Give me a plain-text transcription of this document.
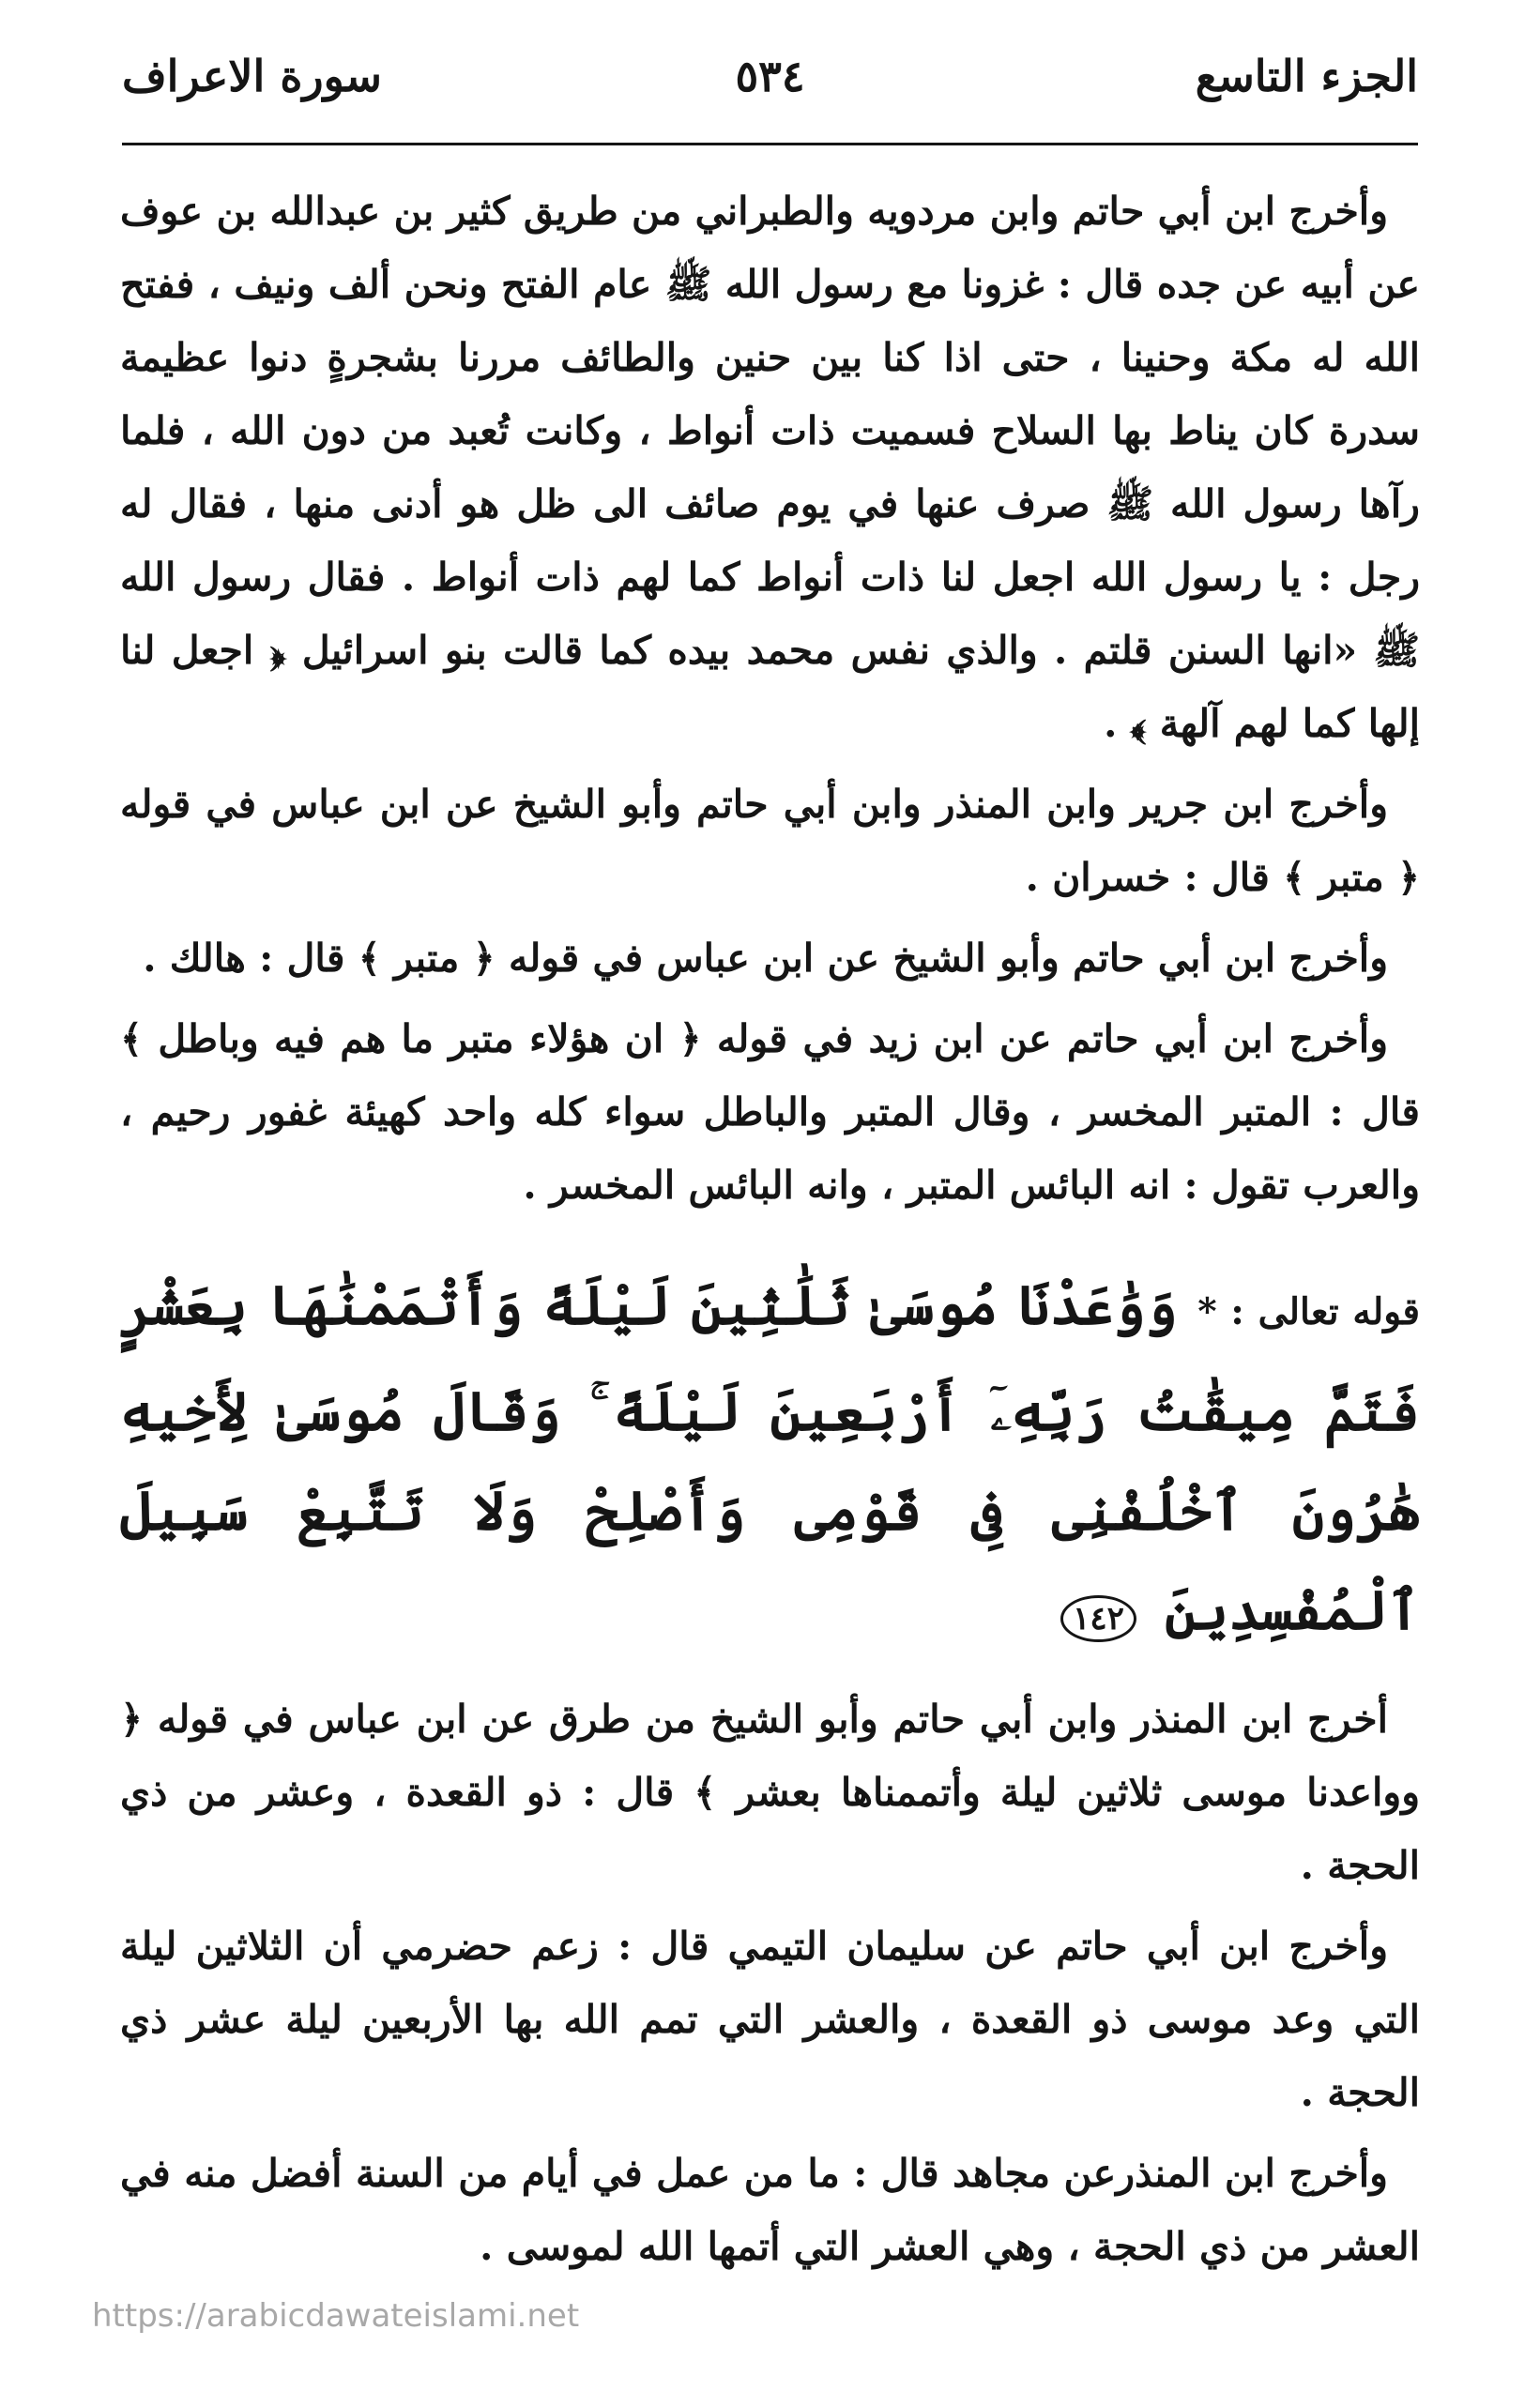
الجزء التاسع
٥٣٤
سورة الاعراف

وأخرج ابن أبي حاتم وابن مردويه والطبراني من طريق كثير بن عبدالله بن عوف عن أبيه عن جده قال : غزونا مع رسول الله ﷺ عام الفتح ونحن ألف ونيف ، ففتح الله له مكة وحنينا ، حتى اذا كنا بين حنين والطائف مررنا بشجرةٍ دنوا عظيمة سدرة كان يناط بها السلاح فسميت ذات أنواط ، وكانت تُعبد من دون الله ، فلما رآها رسول الله ﷺ صرف عنها في يوم صائف الى ظل هو أدنى منها ، فقال له رجل : يا رسول الله اجعل لنا ذات أنواط كما لهم ذات أنواط . فقال رسول الله ﷺ «انها السنن قلتم . والذي نفس محمد بيده كما قالت بنو اسرائيل ﴿ اجعل لنا إلها كما لهم آلهة ﴾ .

وأخرج ابن جرير وابن المنذر وابن أبي حاتم وأبو الشيخ عن ابن عباس في قوله ﴿ متبر ﴾ قال : خسران .

وأخرج ابن أبي حاتم وأبو الشيخ عن ابن عباس في قوله ﴿ متبر ﴾ قال : هالك .

وأخرج ابن أبي حاتم عن ابن زيد في قوله ﴿ ان هؤلاء متبر ما هم فيه وباطل ﴾ قال : المتبر المخسر ، وقال المتبر والباطل سواء كله واحد كهيئة غفور رحيم ، والعرب تقول : انه البائس المتبر ، وانه البائس المخسر .

قوله تعالى : * وَوَٰعَدْنَا مُوسَىٰ ثَلَٰثِينَ لَيْلَةً وَأَتْمَمْنَٰهَا بِعَشْرٍ فَتَمَّ مِيقَٰتُ رَبِّهِۦٓ أَرْبَعِينَ لَيْلَةً ۚ وَقَالَ مُوسَىٰ لِأَخِيهِ هَٰرُونَ ٱخْلُفْنِى فِى قَوْمِى وَأَصْلِحْ وَلَا تَتَّبِعْ سَبِيلَ ٱلْمُفْسِدِينَ ١٤٢

أخرج ابن المنذر وابن أبي حاتم وأبو الشيخ من طرق عن ابن عباس في قوله ﴿ وواعدنا موسى ثلاثين ليلة وأتممناها بعشر ﴾ قال : ذو القعدة ، وعشر من ذي الحجة .

وأخرج ابن أبي حاتم عن سليمان التيمي قال : زعم حضرمي أن الثلاثين ليلة التي وعد موسى ذو القعدة ، والعشر التي تمم الله بها الأربعين ليلة عشر ذي الحجة .

وأخرج ابن المنذرعن مجاهد قال : ما من عمل في أيام من السنة أفضل منه في العشر من ذي الحجة ، وهي العشر التي أتمها الله لموسى .

https://arabicdawateislami.net
